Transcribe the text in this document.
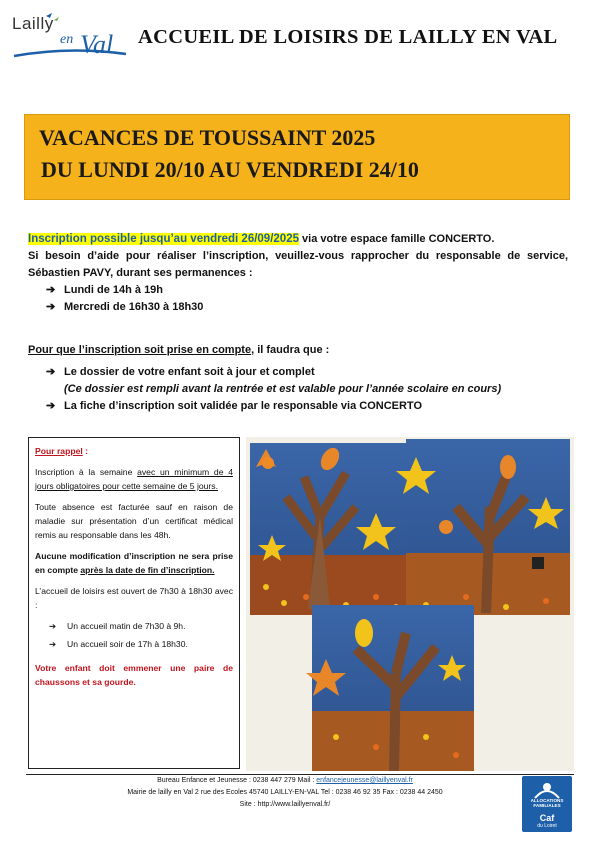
Lailly
en Val ACCUEIL DE LOISIRS DE LAILLY EN VAL
VACANCES DE TOUSSAINT 2025
DU LUNDI 20/10 AU VENDREDI 24/10
Inscription possible jusqu’au vendredi 26/09/2025 via votre espace famille CONCERTO.
Si besoin d’aide pour réaliser l’inscription, veuillez-vous rapprocher du responsable de service, Sébastien PAVY, durant ses permanences :
➔ Lundi de 14h à 19h
➔ Mercredi de 16h30 à 18h30
Pour que l’inscription soit prise en compte, il faudra que :
➔ Le dossier de votre enfant soit à jour et complet
(Ce dossier est rempli avant la rentrée et est valable pour l’année scolaire en cours)
➔ La fiche d’inscription soit validée par le responsable via CONCERTO

Pour rappel :

Inscription à la semaine avec un minimum de 4 jours obligatoires pour cette semaine de 5 jours.

Toute absence est facturée sauf en raison de maladie sur présentation d’un certificat médical remis au responsable dans les 48h.

Aucune modification d’inscription ne sera prise en compte après la date de fin d’inscription.

L’accueil de loisirs est ouvert de 7h30 à 18h30 avec :

➔ Un accueil matin de 7h30 à 9h.
➔ Un accueil soir de 17h à 18h30.

Votre enfant doit emmener une paire de chaussons et sa gourde.

Bureau Enfance et Jeunesse : 0238 447 279 Mail : enfancejeunesse@laillyenval.fr
Mairie de lailly en Val 2 rue des Ecoles 45740 LAILLY-EN-VAL Tel : 0238 46 92 35 Fax : 0238 44 2450
Site : http://www.laillyenval.fr/
ALLOCATIONS FAMILIALES
Caf
du Loiret
